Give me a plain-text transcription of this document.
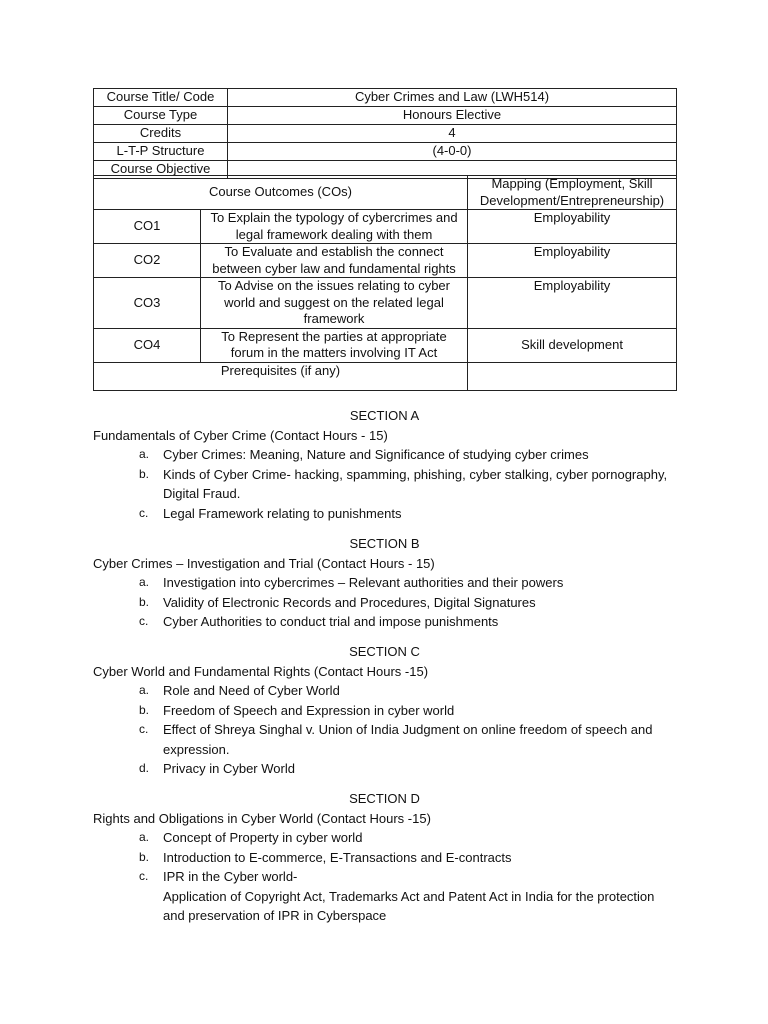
Course Title/ Code	Cyber Crimes and Law (LWH514)
Course Type	Honours Elective
Credits	4
L-T-P Structure	(4-0-0)
Course Objective	
Course Outcomes (COs)		Mapping (Employment, Skill Development/Entrepreneurship)
CO1	To Explain the typology of cybercrimes and legal framework dealing with them	Employability
CO2	To Evaluate and establish the connect between cyber law and fundamental rights	Employability
CO3	To Advise on the issues relating to cyber world and suggest on the related legal framework	Employability
CO4	To Represent the parties at appropriate forum in the matters involving IT Act	Skill development
Prerequisites (if any)		
SECTION A
Fundamentals of Cyber Crime (Contact Hours - 15)
a. Cyber Crimes: Meaning, Nature and Significance of studying cyber crimes
b. Kinds of Cyber Crime- hacking, spamming, phishing, cyber stalking, cyber pornography, Digital Fraud.
c. Legal Framework relating to punishments
SECTION B
Cyber Crimes – Investigation and Trial (Contact Hours - 15)
a. Investigation into cybercrimes – Relevant authorities and their powers
b. Validity of Electronic Records and Procedures, Digital Signatures
c. Cyber Authorities to conduct trial and impose punishments
SECTION C
Cyber World and Fundamental Rights (Contact Hours -15)
a. Role and Need of Cyber World
b. Freedom of Speech and Expression in cyber world
c. Effect of Shreya Singhal v. Union of India Judgment on online freedom of speech and expression.
d. Privacy in Cyber World
SECTION D
Rights and Obligations in Cyber World (Contact Hours -15)
a. Concept of Property in cyber world
b. Introduction to E-commerce, E-Transactions and E-contracts
c. IPR in the Cyber world-
Application of Copyright Act, Trademarks Act and Patent Act in India for the protection and preservation of IPR in Cyberspace
